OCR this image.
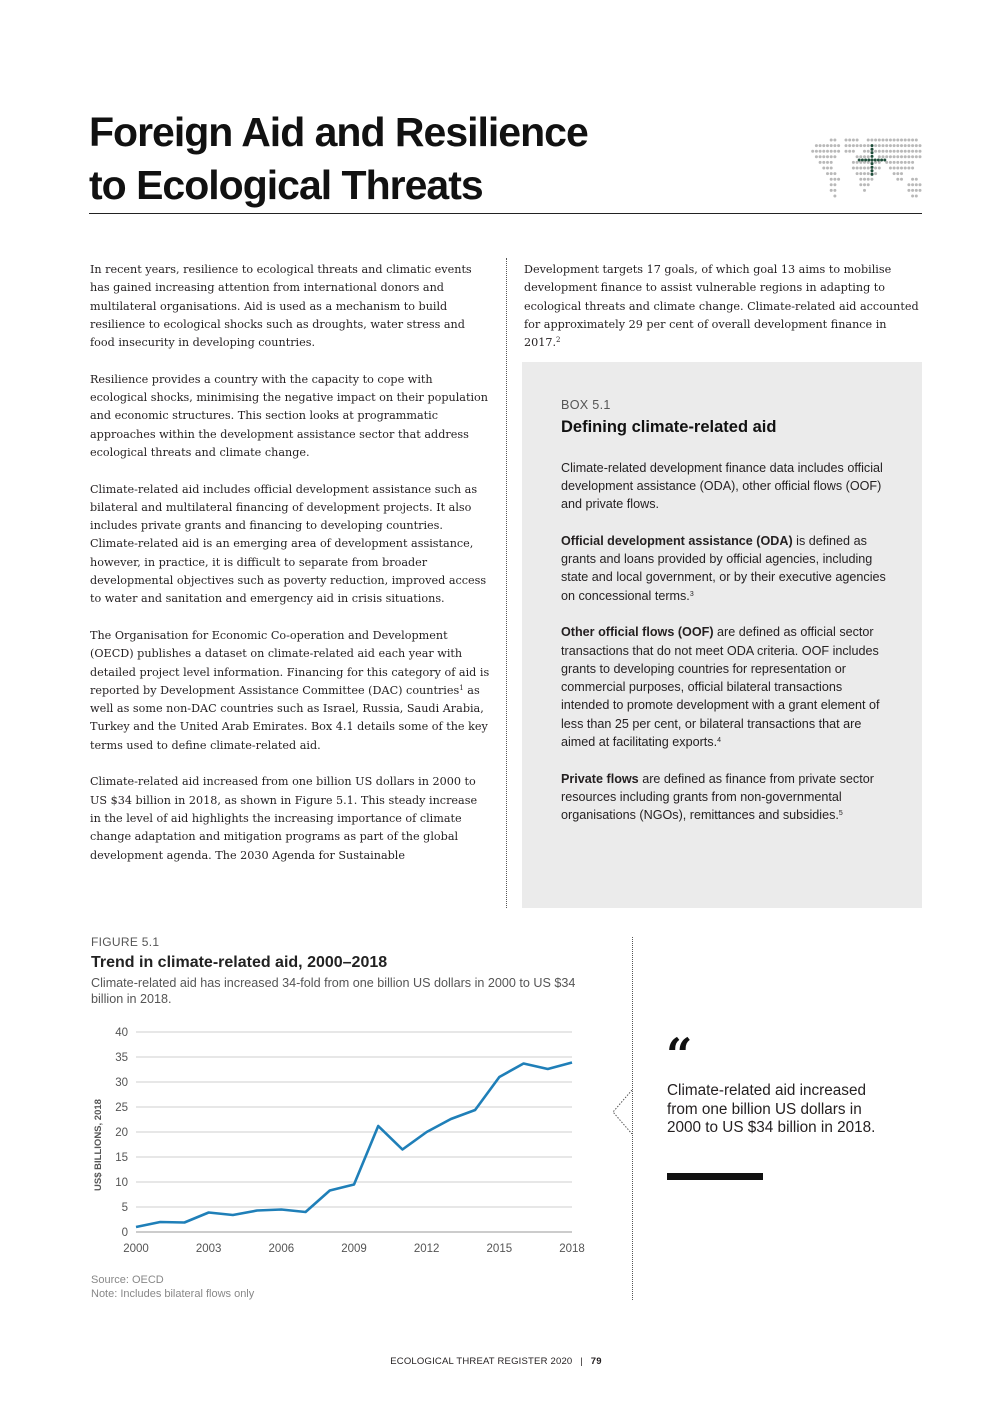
Foreign Aid and Resilience
to Ecological Threats

In recent years, resilience to ecological threats and climatic events has gained increasing attention from international donors and multilateral organisations. Aid is used as a mechanism to build resilience to ecological shocks such as droughts, water stress and food insecurity in developing countries.

Resilience provides a country with the capacity to cope with ecological shocks, minimising the negative impact on their population and economic structures. This section looks at programmatic approaches within the development assistance sector that address ecological threats and climate change.

Climate-related aid includes official development assistance such as bilateral and multilateral financing of development projects. It also includes private grants and financing to developing countries. Climate-related aid is an emerging area of development assistance, however, in practice, it is difficult to separate from broader developmental objectives such as poverty reduction, improved access to water and sanitation and emergency aid in crisis situations.

The Organisation for Economic Co-operation and Development (OECD) publishes a dataset on climate-related aid each year with detailed project level information. Financing for this category of aid is reported by Development Assistance Committee (DAC) countries$^1$ as well as some non-DAC countries such as Israel, Russia, Saudi Arabia, Turkey and the United Arab Emirates. Box 4.1 details some of the key terms used to define climate-related aid.

Climate-related aid increased from one billion US dollars in 2000 to US $34 billion in 2018, as shown in Figure 5.1. This steady increase in the level of aid highlights the increasing importance of climate change adaptation and mitigation programs as part of the global development agenda. The 2030 Agenda for Sustainable

Development targets 17 goals, of which goal 13 aims to mobilise development finance to assist vulnerable regions in adapting to ecological threats and climate change. Climate-related aid accounted for approximately 29 per cent of overall development finance in 2017.$^2$

BOX 5.1
Defining climate-related aid

Climate-related development finance data includes official development assistance (ODA), other official flows (OOF) and private flows.

Official development assistance (ODA) is defined as grants and loans provided by official agencies, including state and local government, or by their executive agencies on concessional terms.$^3$

Other official flows (OOF) are defined as official sector transactions that do not meet ODA criteria. OOF includes grants to developing countries for representation or commercial purposes, official bilateral transactions intended to promote development with a grant element of less than 25 per cent, or bilateral transactions that are aimed at facilitating exports.$^4$

Private flows are defined as finance from private sector resources including grants from non-governmental organisations (NGOs), remittances and subsidies.$^5$

FIGURE 5.1
Trend in climate-related aid, 2000–2018
Climate-related aid has increased 34-fold from one billion US dollars in 2000 to US $34 billion in 2018.
0
5
10
15
20
25
30
35
40
2000	2003	2006	2009	2012	2015	2018
US$ BILLIONS, 2018
Source: OECD
Note: Includes bilateral flows only
“
Climate-related aid increased from one billion US dollars in 2000 to US $34 billion in 2018.
ECOLOGICAL THREAT REGISTER 2020 | 79
